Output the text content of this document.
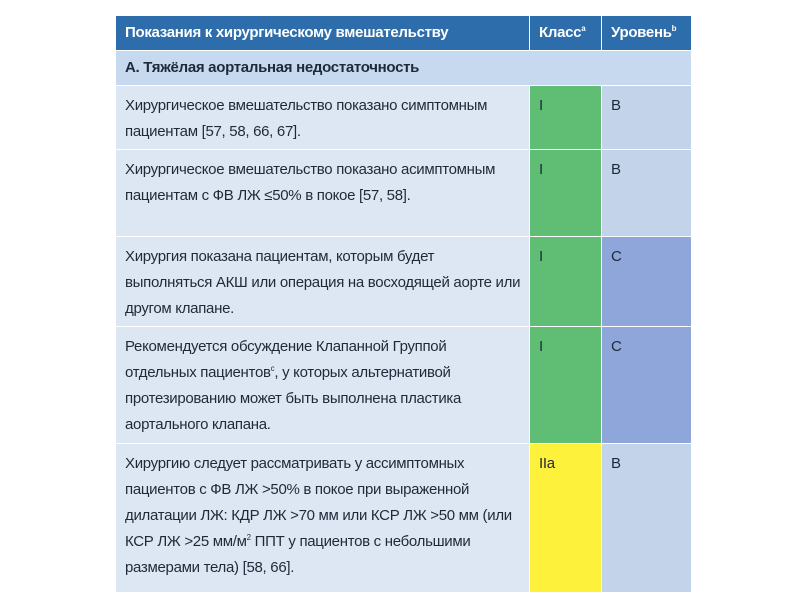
Показания к хирургическому вмешательству	Класс$^a$	Уровень$^b$
А. Тяжёлая аортальная недостаточность		
Хирургическое вмешательство показано симптомным пациентам [57, 58, 66, 67].	I	B
Хирургическое вмешательство показано асимптомным пациентам с ФВ ЛЖ ≤50% в покое [57, 58].	I	B
Хирургия показана пациентам, которым будет выполняться АКШ или операция на восходящей аорте или другом клапане.	I	C
Рекомендуется обсуждение Клапанной Группой отдельных пациентов$^c$, у которых альтернативой протезированию может быть выполнена пластика аортального клапана.	I	C
Хирургию следует рассматривать у ассимптомных пациентов с ФВ ЛЖ >50% в покое при выраженной дилатации ЛЖ: КДР ЛЖ >70 мм или КСР ЛЖ >50 мм (или КСР ЛЖ >25 $мм/м^2$ ППТ у пациентов с небольшими размерами тела) [58, 66].	IIa	B
